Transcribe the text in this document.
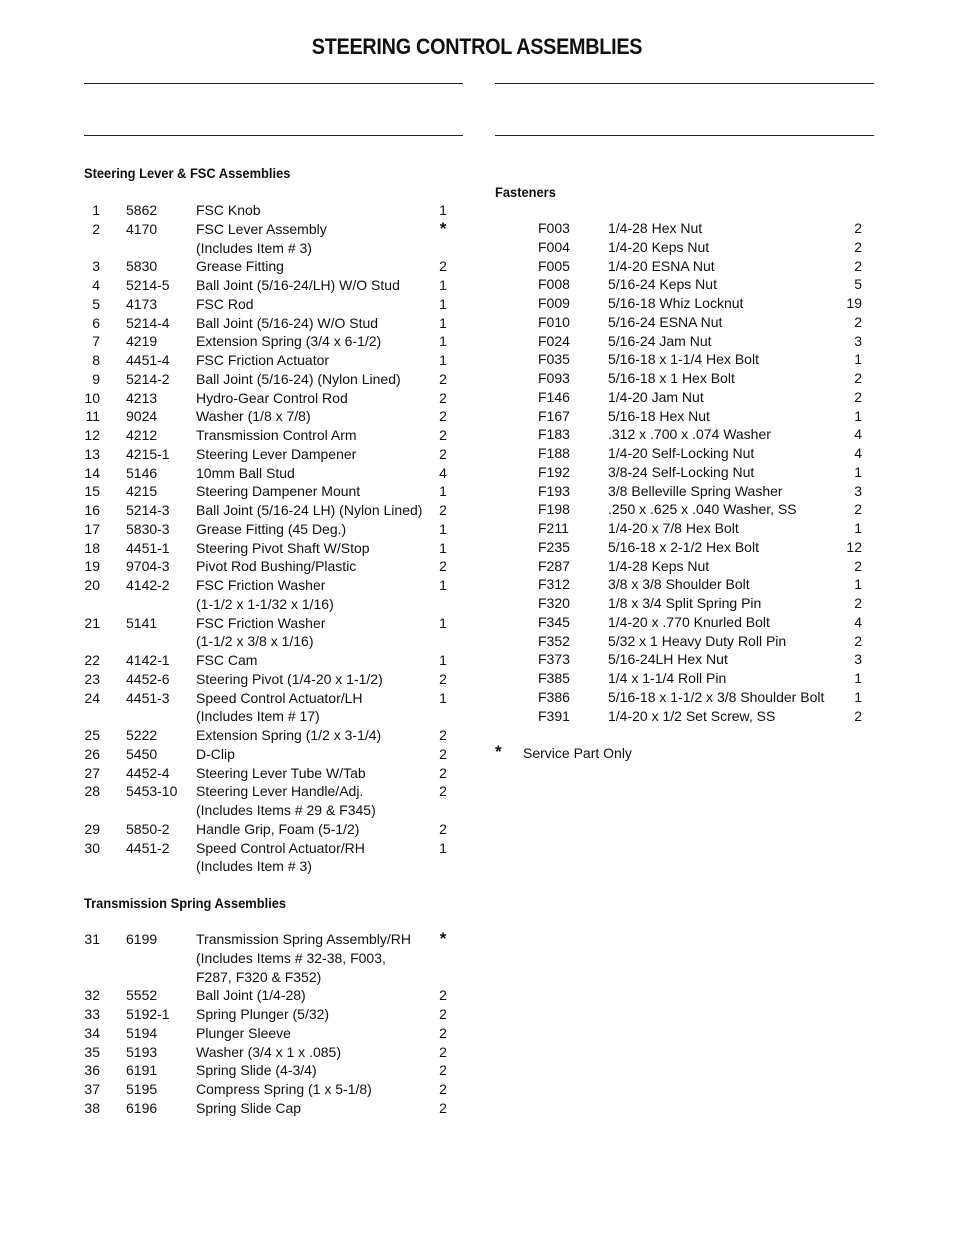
STEERING CONTROL ASSEMBLIES
Steering Lever & FSC Assemblies
1 5862	FSC Knob	1
2 4170	FSC Lever Assembly	*
(Includes Item # 3)
3 5830	Grease Fitting	2
4 5214-5 Ball Joint (5/16-24/LH) W/O Stud	1
5 4173	FSC Rod	1
6 5214-4 Ball Joint (5/16-24) W/O Stud	1
7 4219	Extension Spring (3/4 x 6-1/2)	1
8 4451-4 FSC Friction Actuator	1
9 5214-2 Ball Joint (5/16-24) (Nylon Lined)	2
10 4213	Hydro-Gear Control Rod	2
11 9024	Washer (1/8 x 7/8)	2
12 4212	Transmission Control Arm	2
13 4215-1 Steering Lever Dampener	2
14 5146	10mm Ball Stud	4
15 4215	Steering Dampener Mount	1
16 5214-3 Ball Joint (5/16-24 LH) (Nylon Lined) 2
17 5830-3 Grease Fitting (45 Deg.)	1
18 4451-1 Steering Pivot Shaft W/Stop	1
19 9704-3 Pivot Rod Bushing/Plastic	2
20 4142-2 FSC Friction Washer	1
(1-1/2 x 1-1/32 x 1/16)
21 5141	FSC Friction Washer	1
(1-1/2 x 3/8 x 1/16)
22 4142-1 FSC Cam	1
23 4452-6 Steering Pivot (1/4-20 x 1-1/2)	2
24 4451-3 Speed Control Actuator/LH	1
(Includes Item # 17)
25 5222	Extension Spring (1/2 x 3-1/4)	2
26 5450	D-Clip	2
27 4452-4 Steering Lever Tube W/Tab	2
28 5453-10 Steering Lever Handle/Adj.	2
(Includes Items # 29 & F345)
29 5850-2 Handle Grip, Foam (5-1/2)	2
30 4451-2 Speed Control Actuator/RH	1
(Includes Item # 3)
Transmission Spring Assemblies
31 6199	Transmission Spring Assembly/RH *
(Includes Items # 32-38, F003,
F287, F320 & F352)
32 5552	Ball Joint (1/4-28)	2
33 5192-1 Spring Plunger (5/32)	2
34 5194	Plunger Sleeve	2
35 5193	Washer (3/4 x 1 x .085)	2
36 6191	Spring Slide (4-3/4)	2
37 5195	Compress Spring (1 x 5-1/8)	2
38 6196	Spring Slide Cap	2
Fasteners
F003	1/4-28 Hex Nut	2
F004	1/4-20 Keps Nut	2
F005	1/4-20 ESNA Nut	2
F008	5/16-24 Keps Nut	5
F009	5/16-18 Whiz Locknut	19
F010	5/16-24 ESNA Nut	2
F024	5/16-24 Jam Nut	3
F035	5/16-18 x 1-1/4 Hex Bolt	1
F093	5/16-18 x 1 Hex Bolt	2
F146	1/4-20 Jam Nut	2
F167	5/16-18 Hex Nut	1
F183	.312 x .700 x .074 Washer	4
F188	1/4-20 Self-Locking Nut	4
F192	3/8-24 Self-Locking Nut	1
F193	3/8 Belleville Spring Washer	3
F198	.250 x .625 x .040 Washer, SS	2
F211	1/4-20 x 7/8 Hex Bolt	1
F235	5/16-18 x 2-1/2 Hex Bolt	12
F287	1/4-28 Keps Nut	2
F312	3/8 x 3/8 Shoulder Bolt	1
F320	1/8 x 3/4 Split Spring Pin	2
F345	1/4-20 x .770 Knurled Bolt	4
F352	5/32 x 1 Heavy Duty Roll Pin	2
F373	5/16-24LH Hex Nut	3
F385	1/4 x 1-1/4 Roll Pin	1
F386	5/16-18 x 1-1/2 x 3/8 Shoulder Bolt 1
F391	1/4-20 x 1/2 Set Screw, SS	2
* Service Part Only
